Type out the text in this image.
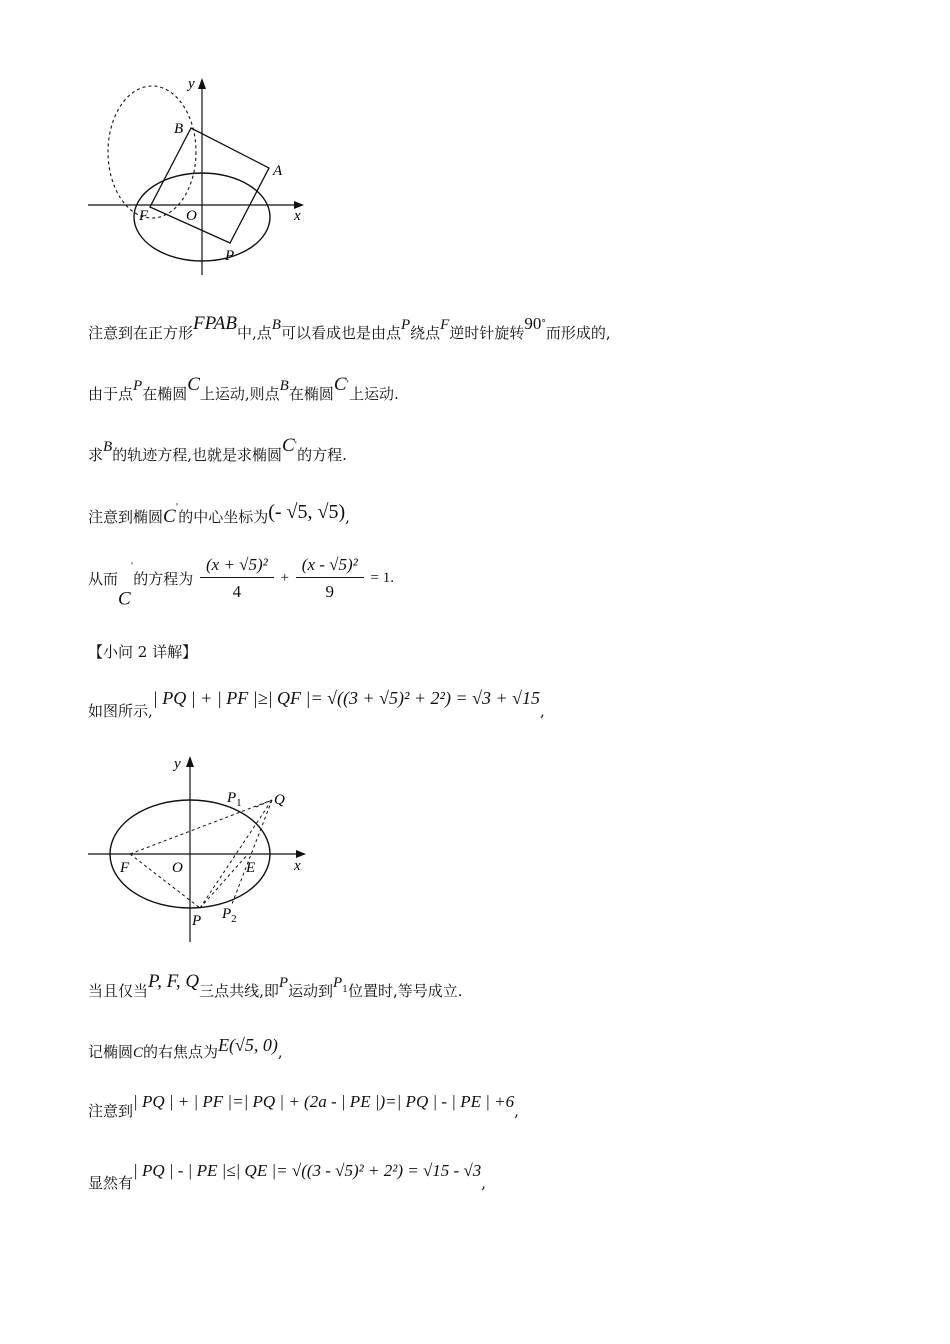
y
x
B
A
F	O
P
注意到在正方形FPAB中,点B可以看成也是由点P绕点F逆时针旋转90°而形成的,
由于点P在椭圆C上运动,则点B在椭圆C'上运动.
求B的轨迹方程,也就是求椭圆C'的方程.
注意到椭圆C'的中心坐标为(- √5, √5),
从而C'的方程为 $\frac{\text{(x + √5)²}}{4} + \frac{\text{(x - √5)²}}{9} = 1$.
【小问 2 详解】
如图所示,| PQ | + | PF |≥| QF |= √((3 + √5)² + 2²) = √3 + √15,
y
x
$P_1$ Q
F	O	E
P $P_2$
当且仅当P, F, Q三点共线,即P运动到$P^1$位置时,等号成立.
记椭圆C的右焦点为E(√5, 0),
注意到| PQ | + | PF |=| PQ | + (2a - | PE |)=| PQ | - | PE | +6,
显然有| PQ | - | PE |≤| QE |= √((3 - √5)² + 2²) = √15 - √3,
